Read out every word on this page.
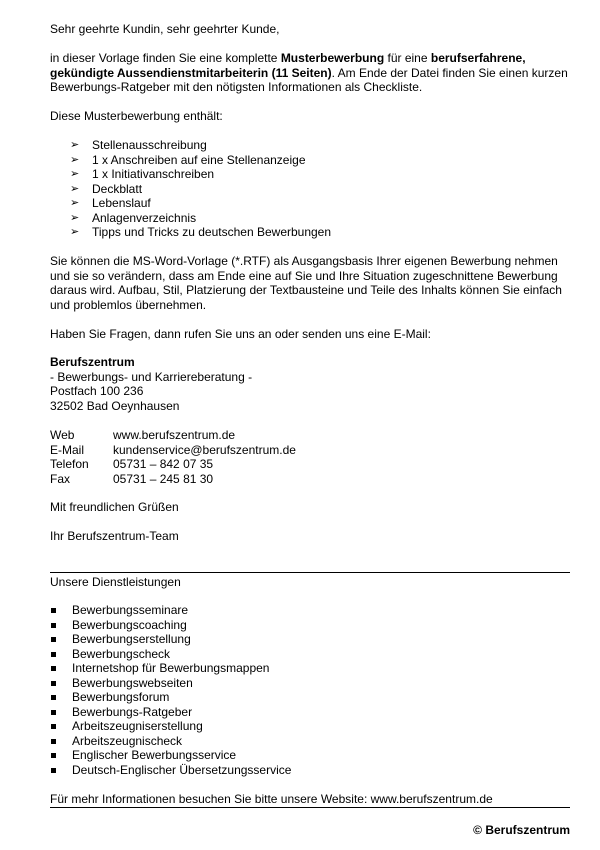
Sehr geehrte Kundin, sehr geehrter Kunde,

in dieser Vorlage finden Sie eine komplette Musterbewerbung für eine berufserfahrene, gekündigte Aussendienstmitarbeiterin (11 Seiten). Am Ende der Datei finden Sie einen kurzen Bewerbungs-Ratgeber mit den nötigsten Informationen als Checkliste.

Diese Musterbewerbung enthält:

➢ Stellenausschreibung
➢ 1 x Anschreiben auf eine Stellenanzeige
➢ 1 x Initiativanschreiben
➢ Deckblatt
➢ Lebenslauf
➢ Anlagenverzeichnis
➢ Tipps und Tricks zu deutschen Bewerbungen

Sie können die MS-Word-Vorlage (*.RTF) als Ausgangsbasis Ihrer eigenen Bewerbung nehmen und sie so verändern, dass am Ende eine auf Sie und Ihre Situation zugeschnittene Bewerbung daraus wird. Aufbau, Stil, Platzierung der Textbausteine und Teile des Inhalts können Sie einfach und problemlos übernehmen.

Haben Sie Fragen, dann rufen Sie uns an oder senden uns eine E-Mail:

Berufszentrum
- Bewerbungs- und Karriereberatung -
Postfach 100 236
32502 Bad Oeynhausen
Web	www.berufszentrum.de
E-Mail	kundenservice@berufszentrum.de
Telefon	05731 – 842 07 35
Fax	05731 – 245 81 30

Mit freundlichen Grüßen

Ihr Berufszentrum-Team

Unsere Dienstleistungen

Bewerbungsseminare
Bewerbungscoaching
Bewerbungserstellung
Bewerbungscheck
Internetshop für Bewerbungsmappen
Bewerbungswebseiten
Bewerbungsforum
Bewerbungs-Ratgeber
Arbeitszeugniserstellung
Arbeitszeugnischeck
Englischer Bewerbungsservice
Deutsch-Englischer Übersetzungsservice

Für mehr Informationen besuchen Sie bitte unsere Website: www.berufszentrum.de

© Berufszentrum
